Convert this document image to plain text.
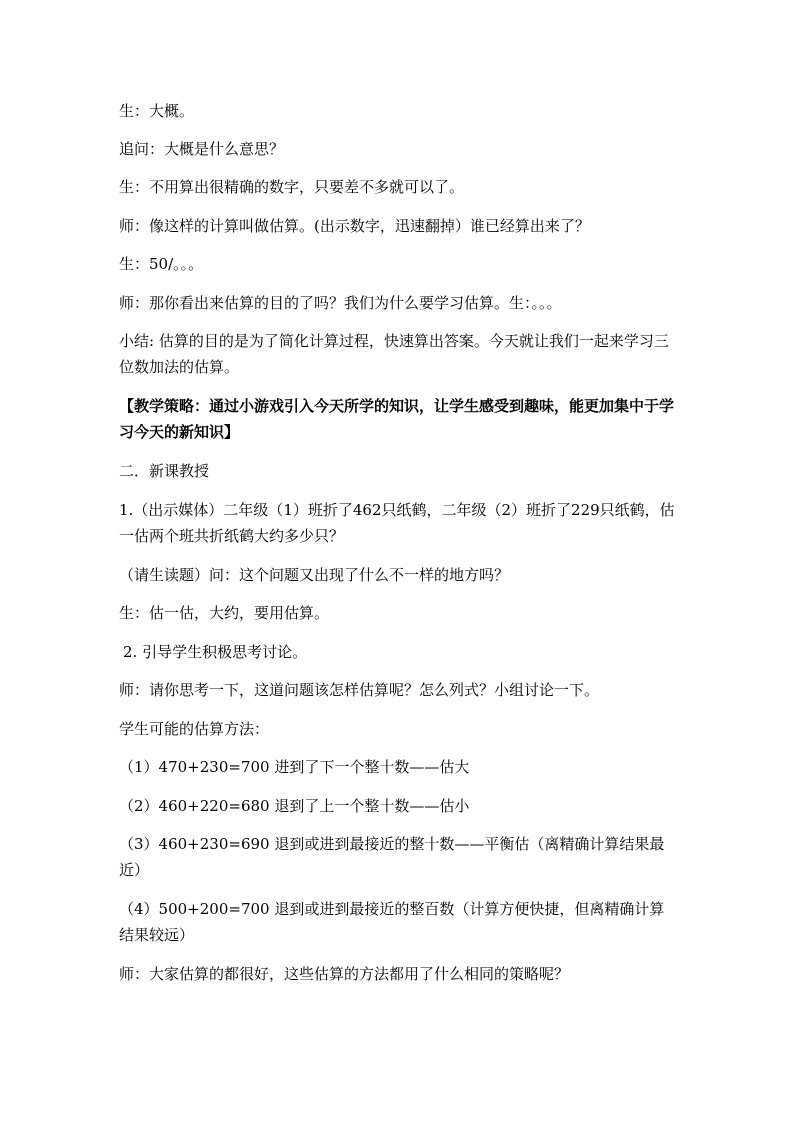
生：大概。

追问：大概是什么意思？

生：不用算出很精确的数字，只要差不多就可以了。

师：像这样的计算叫做估算。(出示数字，迅速翻掉）谁已经算出来了？

生：50/。。。

师：那你看出来估算的目的了吗？我们为什么要学习估算。生：。。。

小结: 估算的目的是为了简化计算过程，快速算出答案。今天就让我们一起来学习三位数加法的估算。

【教学策略：通过小游戏引入今天所学的知识，让学生感受到趣味，能更加集中于学习今天的新知识】

二．新课教授

1.（出示媒体）二年级（1）班折了462只纸鹤，二年级（2）班折了229只纸鹤，估一估两个班共折纸鹤大约多少只？

（请生读题）问：这个问题又出现了什么不一样的地方吗？

生：估一估，大约，要用估算。

2. 引导学生积极思考讨论。

师：请你思考一下，这道问题该怎样估算呢？怎么列式？小组讨论一下。

学生可能的估算方法：

（1）470+230=700 进到了下一个整十数——估大

（2）460+220=680 退到了上一个整十数——估小

（3）460+230=690 退到或进到最接近的整十数——平衡估（离精确计算结果最近）

（4）500+200=700 退到或进到最接近的整百数（计算方便快捷，但离精确计算结果较远）

师：大家估算的都很好，这些估算的方法都用了什么相同的策略呢？
